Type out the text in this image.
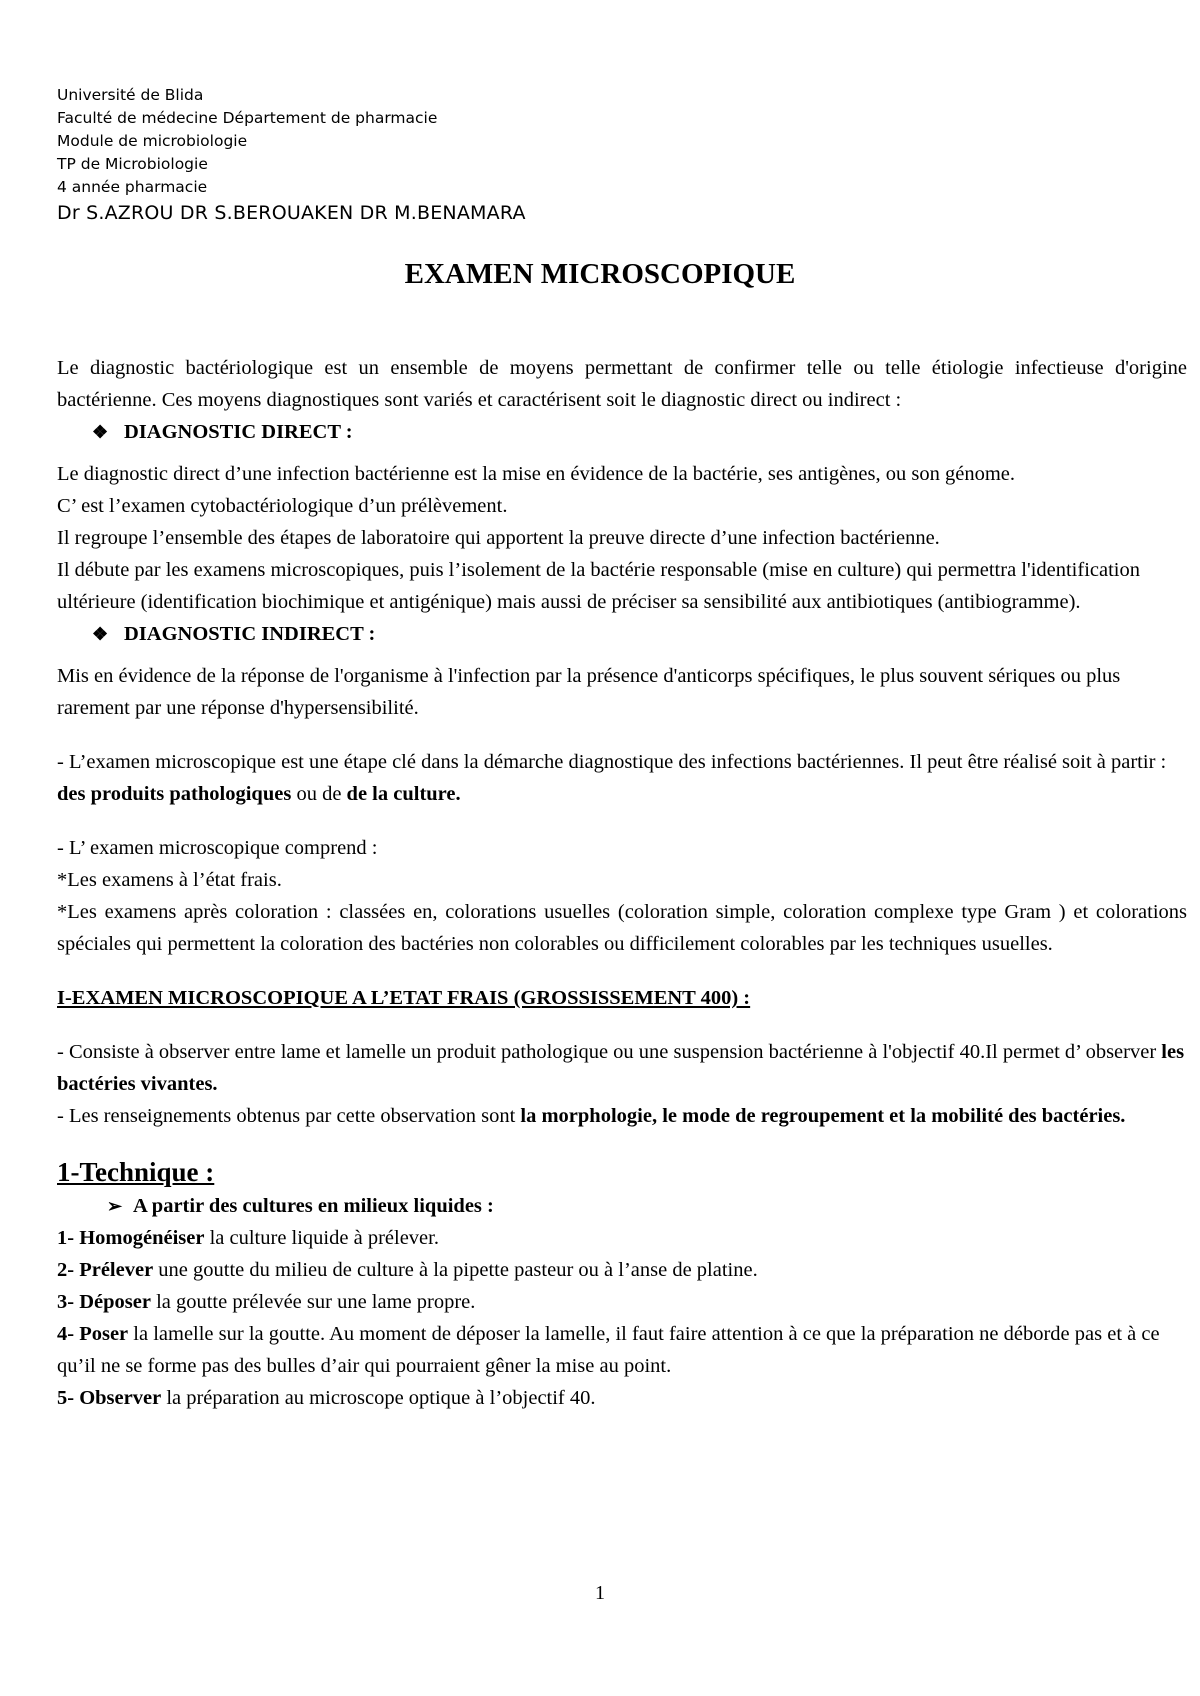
Université de Blida
Faculté de médecine Département de pharmacie
Module de microbiologie
TP de Microbiologie
4 année pharmacie
Dr S.AZROU DR S.BEROUAKEN DR M.BENAMARA
EXAMEN MICROSCOPIQUE

Le diagnostic bactériologique est un ensemble de moyens permettant de confirmer telle ou telle étiologie infectieuse d'origine bactérienne. Ces moyens diagnostiques sont variés et caractérisent soit le diagnostic direct ou indirect :

❖ DIAGNOSTIC DIRECT :

Le diagnostic direct d’une infection bactérienne est la mise en évidence de la bactérie, ses antigènes, ou son génome.

C’ est l’examen cytobactériologique d’un prélèvement.

Il regroupe l’ensemble des étapes de laboratoire qui apportent la preuve directe d’une infection bactérienne.

Il débute par les examens microscopiques, puis l’isolement de la bactérie responsable (mise en culture) qui permettra l'identification ultérieure (identification biochimique et antigénique) mais aussi de préciser sa sensibilité aux antibiotiques (antibiogramme).

❖ DIAGNOSTIC INDIRECT :

Mis en évidence de la réponse de l'organisme à l'infection par la présence d'anticorps spécifiques, le plus souvent sériques ou plus rarement par une réponse d'hypersensibilité.

- L’examen microscopique est une étape clé dans la démarche diagnostique des infections bactériennes. Il peut être réalisé soit à partir : des produits pathologiques ou de de la culture.

- L’ examen microscopique comprend :

*Les examens à l’état frais.

*Les examens après coloration : classées en, colorations usuelles (coloration simple, coloration complexe type Gram ) et colorations spéciales qui permettent la coloration des bactéries non colorables ou difficilement colorables par les techniques usuelles.

I-EXAMEN MICROSCOPIQUE A L’ETAT FRAIS (GROSSISSEMENT 400) :

- Consiste à observer entre lame et lamelle un produit pathologique ou une suspension bactérienne à l'objectif 40.Il permet d’ observer les bactéries vivantes.

- Les renseignements obtenus par cette observation sont la morphologie, le mode de regroupement et la mobilité des bactéries.

1-Technique :

➢ A partir des cultures en milieux liquides :

1- Homogénéiser la culture liquide à prélever.

2- Prélever une goutte du milieu de culture à la pipette pasteur ou à l’anse de platine.

3- Déposer la goutte prélevée sur une lame propre.

4- Poser la lamelle sur la goutte. Au moment de déposer la lamelle, il faut faire attention à ce que la préparation ne déborde pas et à ce qu’il ne se forme pas des bulles d’air qui pourraient gêner la mise au point.

5- Observer la préparation au microscope optique à l’objectif 40.

1
